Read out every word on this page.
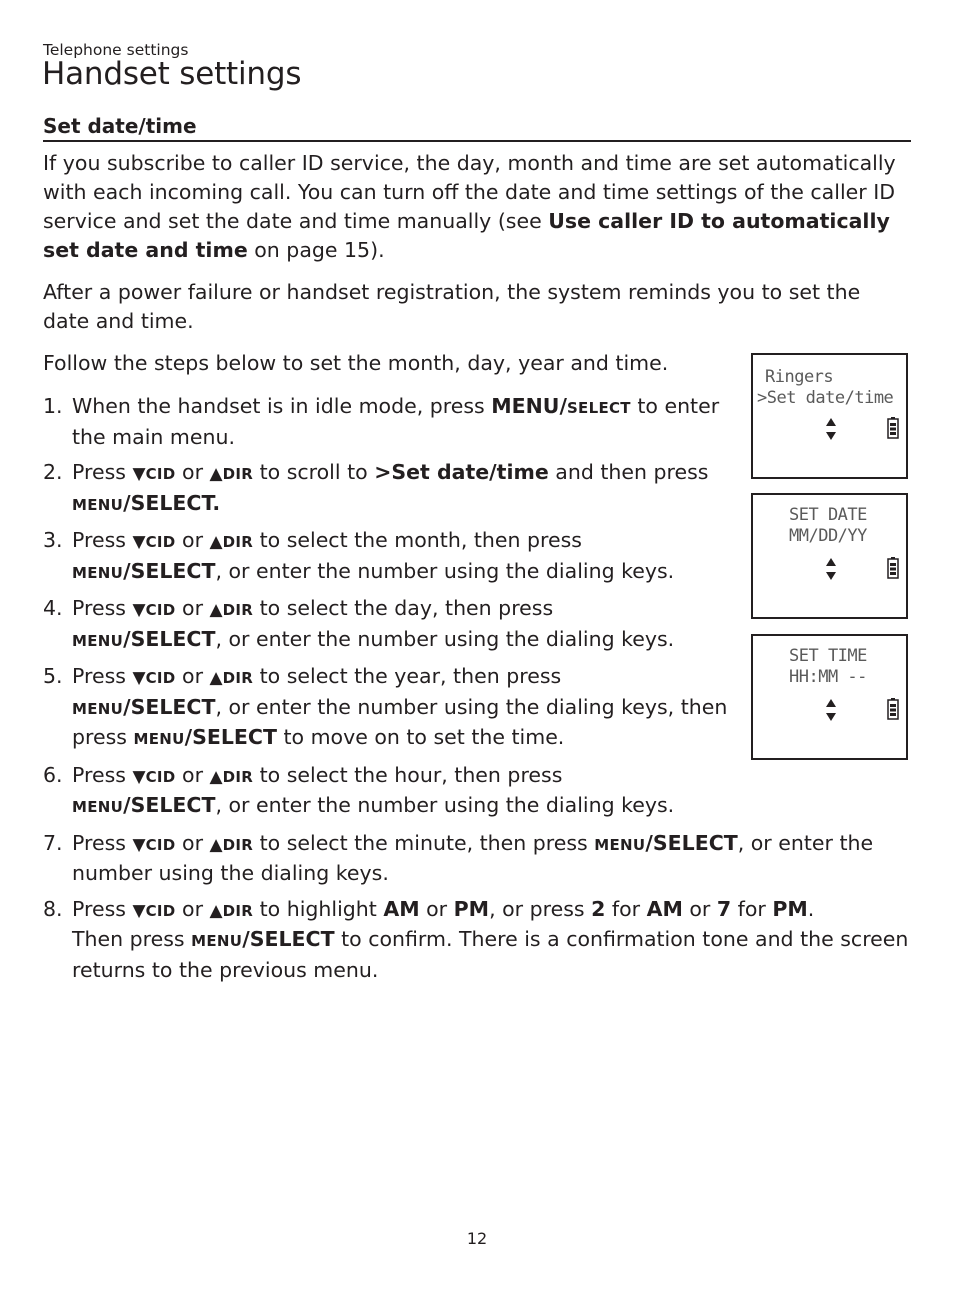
Telephone settings
Handset settings
Set date/time

If you subscribe to caller ID service, the day, month and time are set automatically with each incoming call. You can turn off the date and time settings of the caller ID service and set the date and time manually (see Use caller ID to automatically set date and time on page 15).

After a power failure or handset registration, the system reminds you to set the date and time.

Follow the steps below to set the month, day, year and time.

1. When the handset is in idle mode, press MENU/SELECT to enter the main menu.
2. Press ▼CID or ▲DIR to scroll to >Set date/time and then press
MENU/SELECT.
3. Press ▼CID or ▲DIR to select the month, then press
MENU/SELECT, or enter the number using the dialing keys.
4. Press ▼CID or ▲DIR to select the day, then press
MENU/SELECT, or enter the number using the dialing keys.
5. Press ▼CID or ▲DIR to select the year, then press
MENU/SELECT, or enter the number using the dialing keys, then press MENU/SELECT to move on to set the time.
6. Press ▼CID or ▲DIR to select the hour, then press
MENU/SELECT, or enter the number using the dialing keys.
7. Press ▼CID or ▲DIR to select the minute, then press MENU/SELECT, or enter the number using the dialing keys.
8. Press ▼CID or ▲DIR to highlight AM or PM, or press 2 for AM or 7 for PM.
Then press MENU/SELECT to confirm. There is a confirmation tone and the screen returns to the previous menu.
Ringers
>Set date/time
SET DATE
MM/DD/YY
SET TIME
HH:MM --
12
